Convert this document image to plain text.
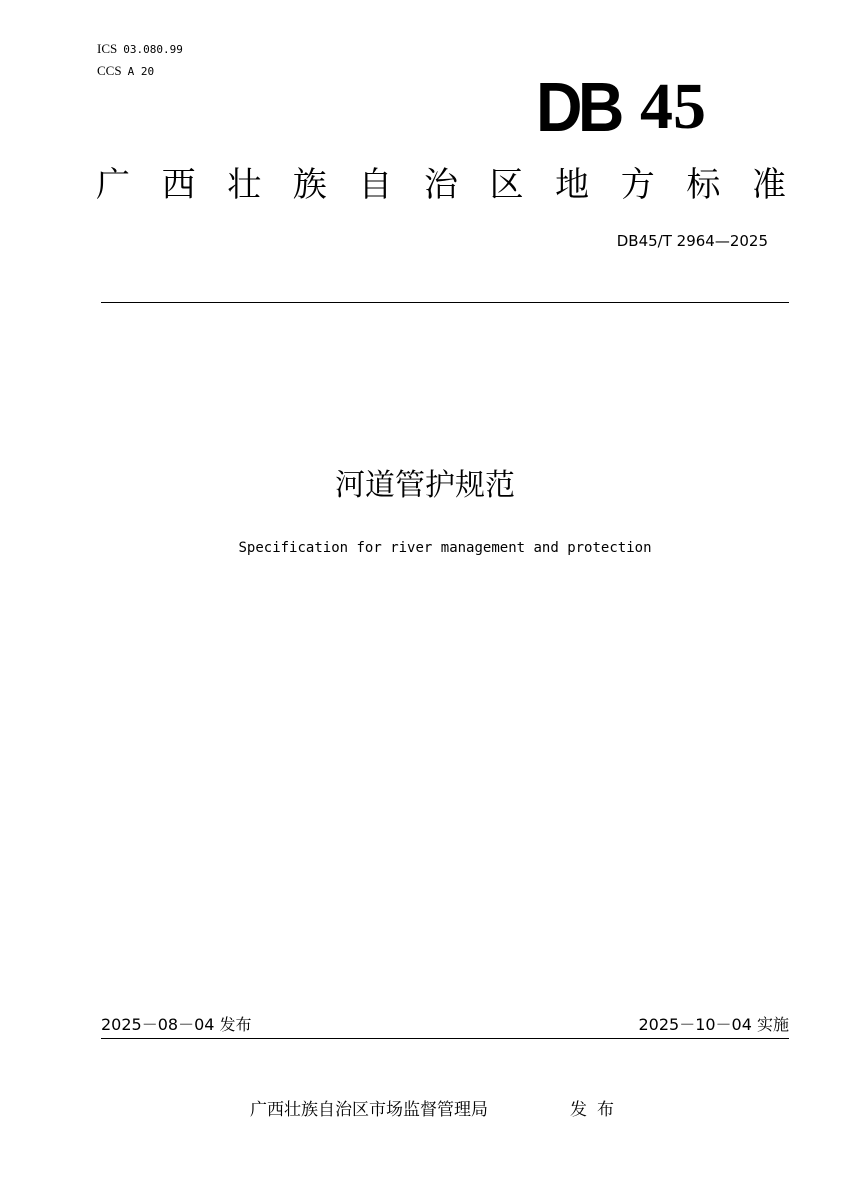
ICS 03.080.99
CCS A 20	DB 45
广 西 壮 族 自 治 区 地 方 标 准
DB45/T 2964—2025
河道管护规范
Specification for river management and protection
2025－08－04 发布	2025－10－04 实施
广西壮族自治区市场监督管理局	发布
